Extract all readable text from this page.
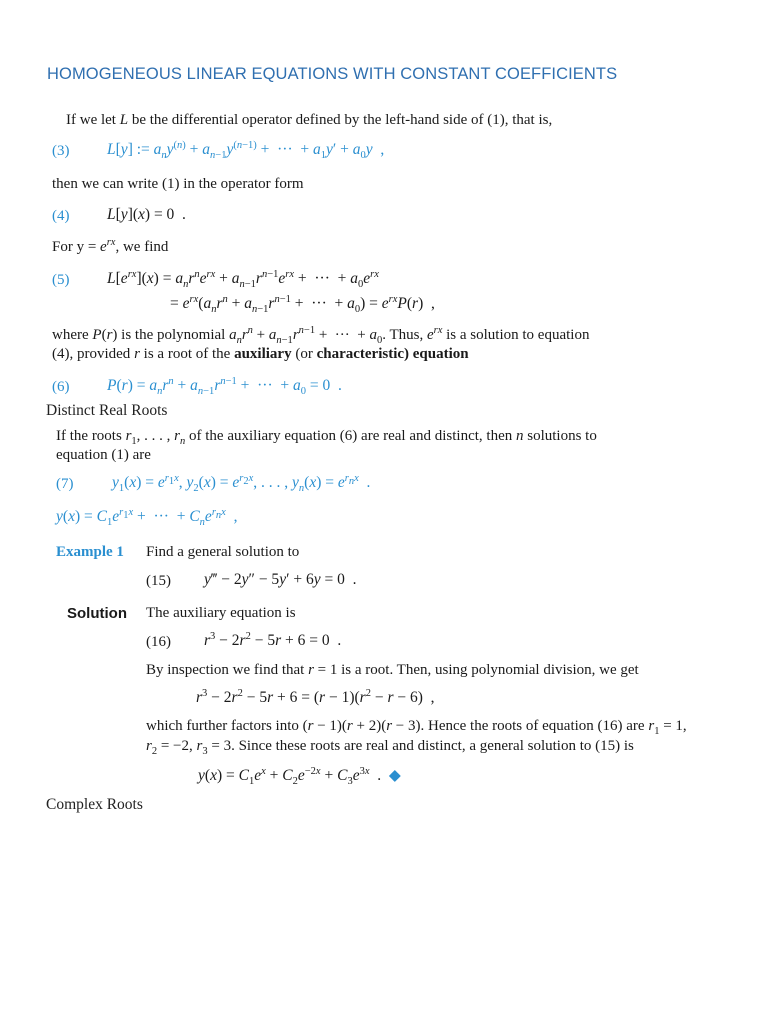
HOMOGENEOUS LINEAR EQUATIONS WITH CONSTANT COEFFICIENTS
If we let L be the differential operator defined by the left-hand side of (1), that is,
(3) L[y] := $a_ny^{(n)} + a_{n-1}y^{(n-1)}$ +  ···  + $a_1y' + a_0y$  ,
then we can write (1) in the operator form
(4) L[y](x) = 0  .
For $y = e^{rx}$, we find
(5) $L[e^{rx}](x) = a_nr^ne^{rx} + a_{n-1}r^{n-1}e^{rx}$ +  ···  + $a_0e^{rx}$
= $e^{rx}(a_nr^n + a_{n-1}r^{n-1}$ +  ···  + $a_0) = e^{rx}P(r)$  ,
where P(r) is the polynomial $a_nr^n + a_{n-1}r^{n-1}$ +  ···  + $a_0$. Thus, $e^{rx}$ is a solution to equation
(4), provided r is a root of the auxiliary (or characteristic) equation
(6) $P(r) = a_nr^n + a_{n-1}r^{n-1}$ +  ···  + $a_0 = 0$  .
Distinct Real Roots
If the roots $r_1$, . . . , $r_n$ of the auxiliary equation (6) are real and distinct, then n solutions to
equation (1) are
(7) $y_1(x) = e^{r_1x}$, $y_2(x) = e^{r_2x}$, . . . , $y_n(x) = e^{r_nx}$  .
$y(x) = C_1e^{r_1x}$ +  ···  + $C_ne^{r_nx}$  ,
Example 1 Find a general solution to
(15) y‴ − 2y″ − 5y′ + 6y = 0  .
Solution The auxiliary equation is
(16) $r^3 - 2r^2 - 5r + 6 = 0$  .
By inspection we find that r = 1 is a root. Then, using polynomial division, we get
$r^3 - 2r^2 - 5r + 6 = (r - 1)(r^2 - r - 6)$  ,
which further factors into (r − 1)(r + 2)(r − 3). Hence the roots of equation (16) are $r_1 = 1$,
$r_2 = -2$, $r_3 = 3$. Since these roots are real and distinct, a general solution to (15) is
$y(x) = C_1e^x + C_2e^{-2x} + C_3e^{3x}$  .  ◆
Complex Roots
